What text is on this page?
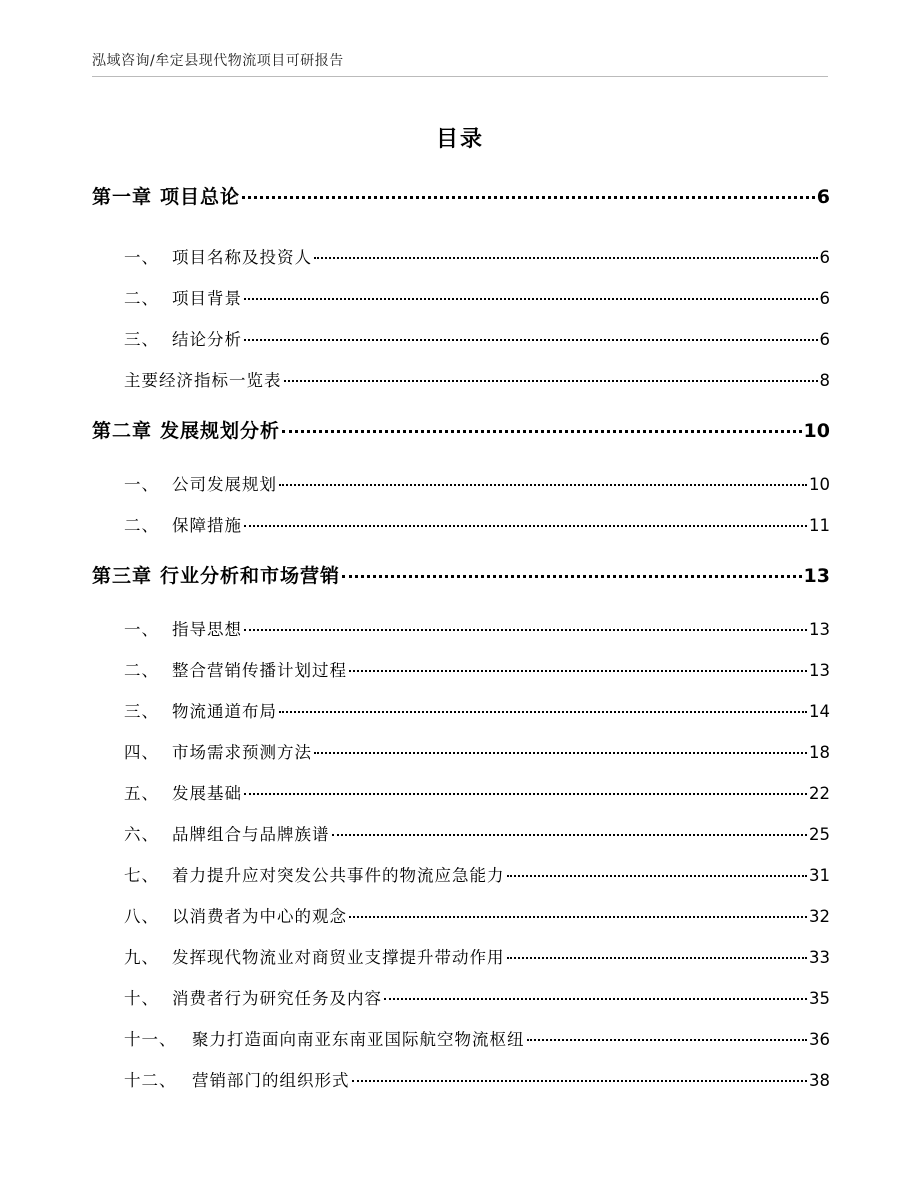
泓域咨询/牟定县现代物流项目可研报告
目录
第一章 项目总论	6
一、 项目名称及投资人	6
二、 项目背景	6
三、 结论分析	6
主要经济指标一览表	8
第二章 发展规划分析	10
一、 公司发展规划	10
二、 保障措施	11
第三章 行业分析和市场营销	13
一、 指导思想	13
二、 整合营销传播计划过程	13
三、 物流通道布局	14
四、 市场需求预测方法	18
五、 发展基础	22
六、 品牌组合与品牌族谱	25
七、 着力提升应对突发公共事件的物流应急能力	31
八、 以消费者为中心的观念	32
九、 发挥现代物流业对商贸业支撑提升带动作用	33
十、 消费者行为研究任务及内容	35
十一、 聚力打造面向南亚东南亚国际航空物流枢纽	36
十二、 营销部门的组织形式	38
